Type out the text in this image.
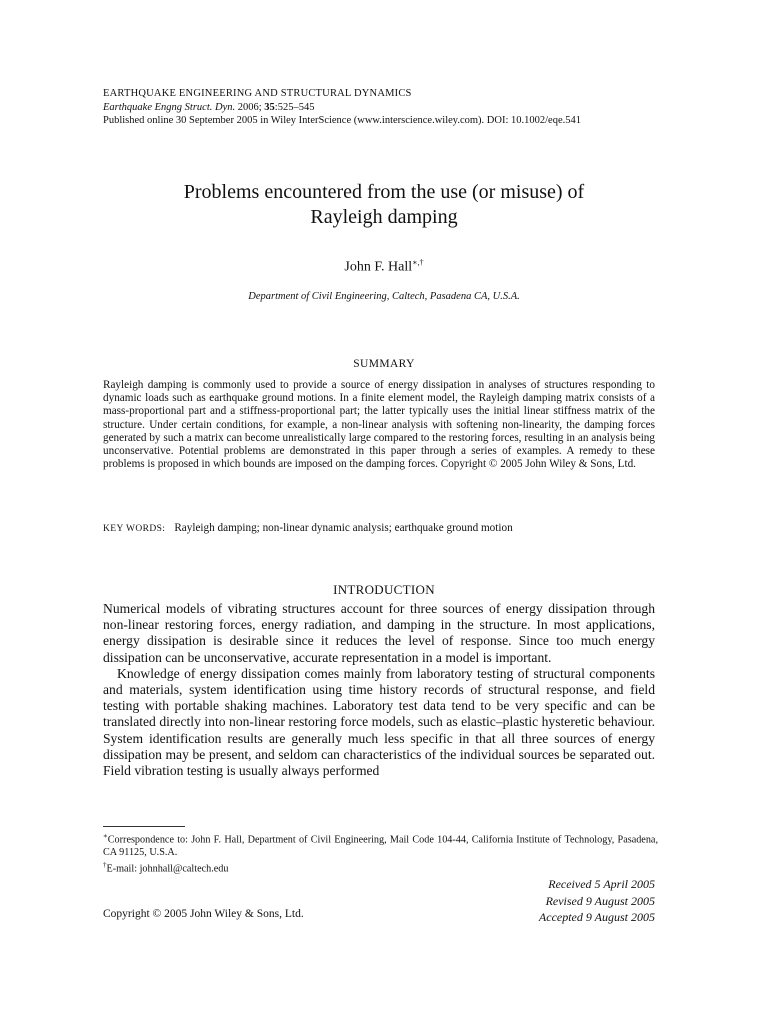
EARTHQUAKE ENGINEERING AND STRUCTURAL DYNAMICS
Earthquake Engng Struct. Dyn. 2006; 35:525–545
Published online 30 September 2005 in Wiley InterScience (www.interscience.wiley.com). DOI: 10.1002/eqe.541
Problems encountered from the use (or misuse) of
Rayleigh damping
John F. Hall∗,†
Department of Civil Engineering, Caltech, Pasadena CA, U.S.A.
SUMMARY
Rayleigh damping is commonly used to provide a source of energy dissipation in analyses of structures responding to dynamic loads such as earthquake ground motions. In a finite element model, the Rayleigh damping matrix consists of a mass-proportional part and a stiffness-proportional part; the latter typically uses the initial linear stiffness matrix of the structure. Under certain conditions, for example, a non-linear analysis with softening non-linearity, the damping forces generated by such a matrix can become unrealistically large compared to the restoring forces, resulting in an analysis being unconservative. Potential problems are demonstrated in this paper through a series of examples. A remedy to these problems is proposed in which bounds are imposed on the damping forces. Copyright © 2005 John Wiley & Sons, Ltd.
KEY WORDS: Rayleigh damping; non-linear dynamic analysis; earthquake ground motion
INTRODUCTION

Numerical models of vibrating structures account for three sources of energy dissipation through non-linear restoring forces, energy radiation, and damping in the structure. In most applications, energy dissipation is desirable since it reduces the level of response. Since too much energy dissipation can be unconservative, accurate representation in a model is important.

Knowledge of energy dissipation comes mainly from laboratory testing of structural components and materials, system identification using time history records of structural response, and field testing with portable shaking machines. Laboratory test data tend to be very specific and can be translated directly into non-linear restoring force models, such as elastic–plastic hysteretic behaviour. System identification results are generally much less specific in that all three sources of energy dissipation may be present, and seldom can characteristics of the individual sources be separated out. Field vibration testing is usually always performed

∗Correspondence to: John F. Hall, Department of Civil Engineering, Mail Code 104-44, California Institute of Technology, Pasadena, CA 91125, U.S.A.
†E-mail: johnhall@caltech.edu
Received 5 April 2005
Revised 9 August 2005
Accepted 9 August 2005
Copyright © 2005 John Wiley & Sons, Ltd.
